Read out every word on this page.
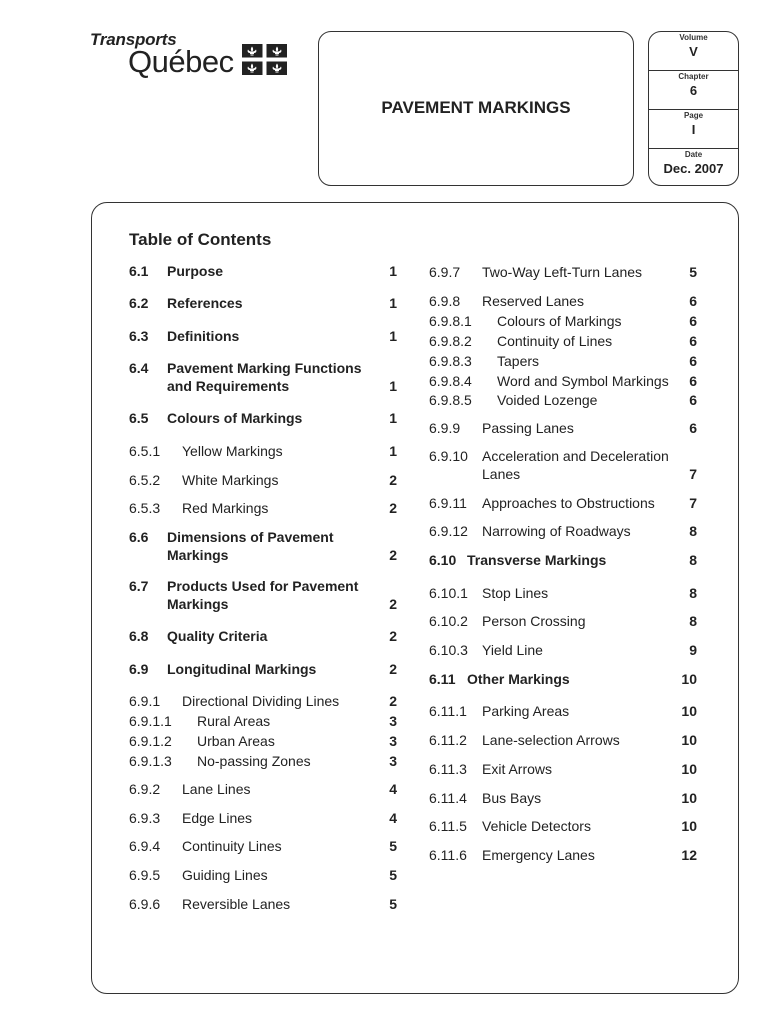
Transports
Québec
PAVEMENT MARKINGS
Volume
V
Chapter
6
Page
I
Date
Dec. 2007
Table of Contents
6.1 Purpose	1
6.2 References	1
6.3 Definitions	1
6.4 Pavement Marking Functions
and Requirements	1
6.5 Colours of Markings	1
6.5.1 Yellow Markings	1
6.5.2 White Markings	2
6.5.3 Red Markings	2
6.6 Dimensions of Pavement
Markings	2
6.7 Products Used for Pavement
Markings	2
6.8 Quality Criteria	2
6.9 Longitudinal Markings	2
6.9.1 Directional Dividing Lines	2
6.9.1.1 Rural Areas	3
6.9.1.2 Urban Areas	3
6.9.1.3 No-passing Zones	3
6.9.2 Lane Lines	4
6.9.3 Edge Lines	4
6.9.4 Continuity Lines	5
6.9.5 Guiding Lines	5
6.9.6 Reversible Lanes	5
6.9.7 Two-Way Left-Turn Lanes	5
6.9.8 Reserved Lanes	6
6.9.8.1 Colours of Markings	6
6.9.8.2 Continuity of Lines	6
6.9.8.3 Tapers	6
6.9.8.4 Word and Symbol Markings	6
6.9.8.5 Voided Lozenge	6
6.9.9 Passing Lanes	6
6.9.10 Acceleration and Deceleration
Lanes	7
6.9.11 Approaches to Obstructions	7
6.9.12 Narrowing of Roadways	8
6.10 Transverse Markings	8
6.10.1 Stop Lines	8
6.10.2 Person Crossing	8
6.10.3 Yield Line	9
6.11 Other Markings	10
6.11.1 Parking Areas	10
6.11.2 Lane-selection Arrows	10
6.11.3 Exit Arrows	10
6.11.4 Bus Bays	10
6.11.5 Vehicle Detectors	10
6.11.6 Emergency Lanes	12
